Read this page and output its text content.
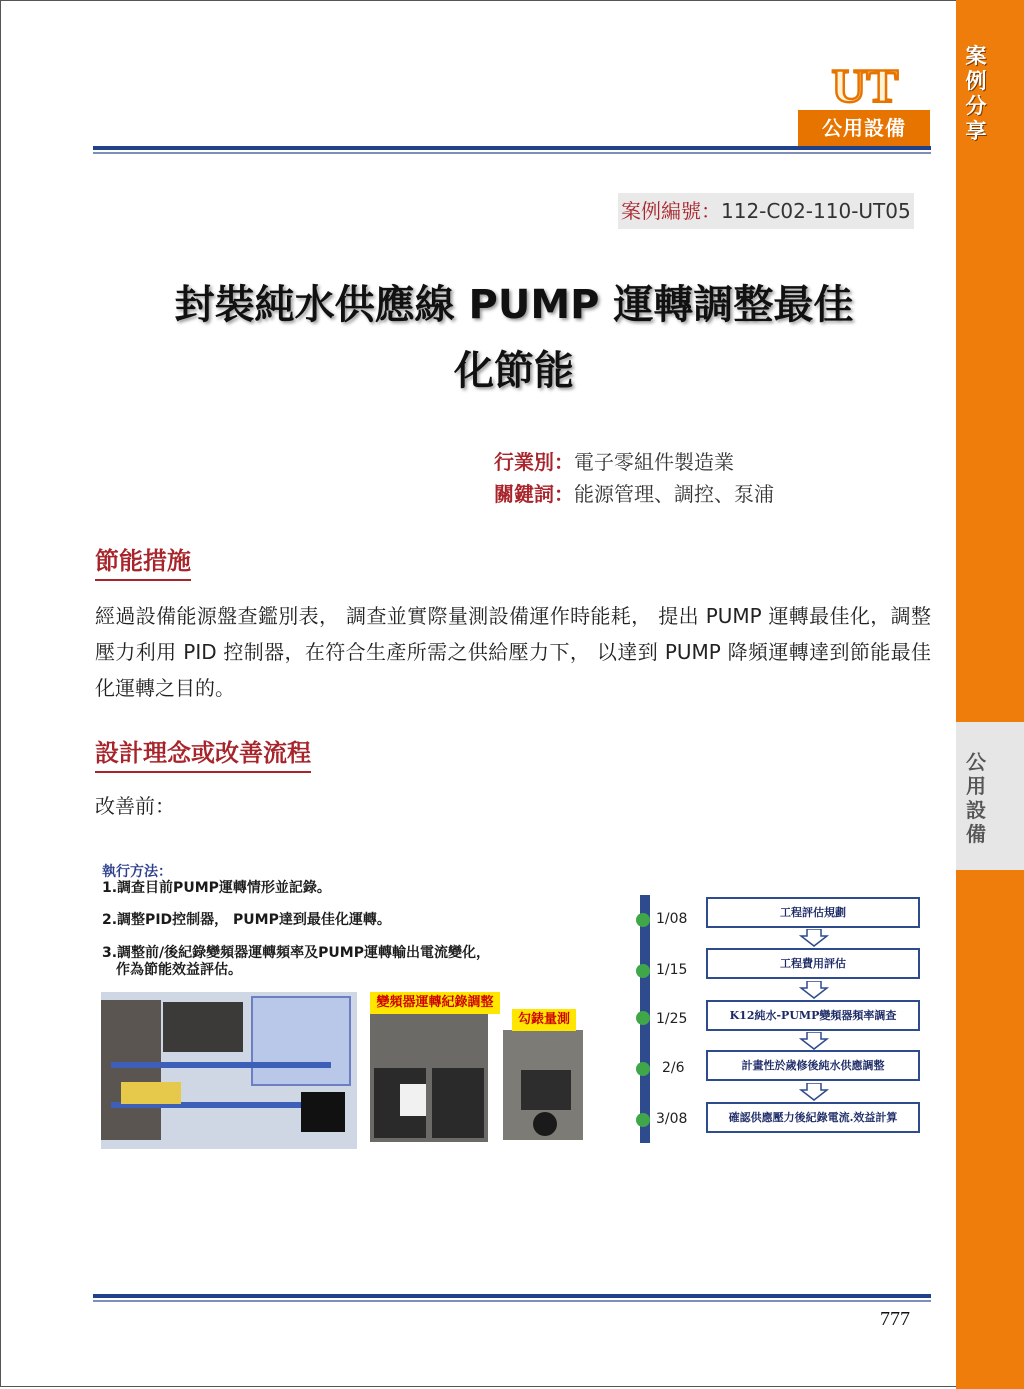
案例分享
公用設備
UT
公用設備
案例編號：112-C02-110-UT05
封裝純水供應線 PUMP 運轉調整最佳
化節能
行業別：電子零組件製造業
關鍵詞：能源管理、調控、泵浦
節能措施
經過設備能源盤查鑑別表， 調查並實際量測設備運作時能耗， 提出 PUMP 運轉最佳化，調整壓力利用 PID 控制器，在符合生產所需之供給壓力下， 以達到 PUMP 降頻運轉達到節能最佳化運轉之目的。
設計理念或改善流程
改善前：
執行方法：
1.調查目前PUMP運轉情形並記錄。
2.調整PID控制器， PUMP達到最佳化運轉。
3.調整前/後紀錄變頻器運轉頻率及PUMP運轉輸出電流變化，
作為節能效益評估。
變頻器運轉紀錄調整
勾錶量測
1/08	工程評估規劃
1/15	工程費用評估
1/25	K12純水-PUMP變頻器頻率調查
2/6	計畫性於歲修後純水供應調整
3/08	確認供應壓力後紀錄電流.效益計算
777
